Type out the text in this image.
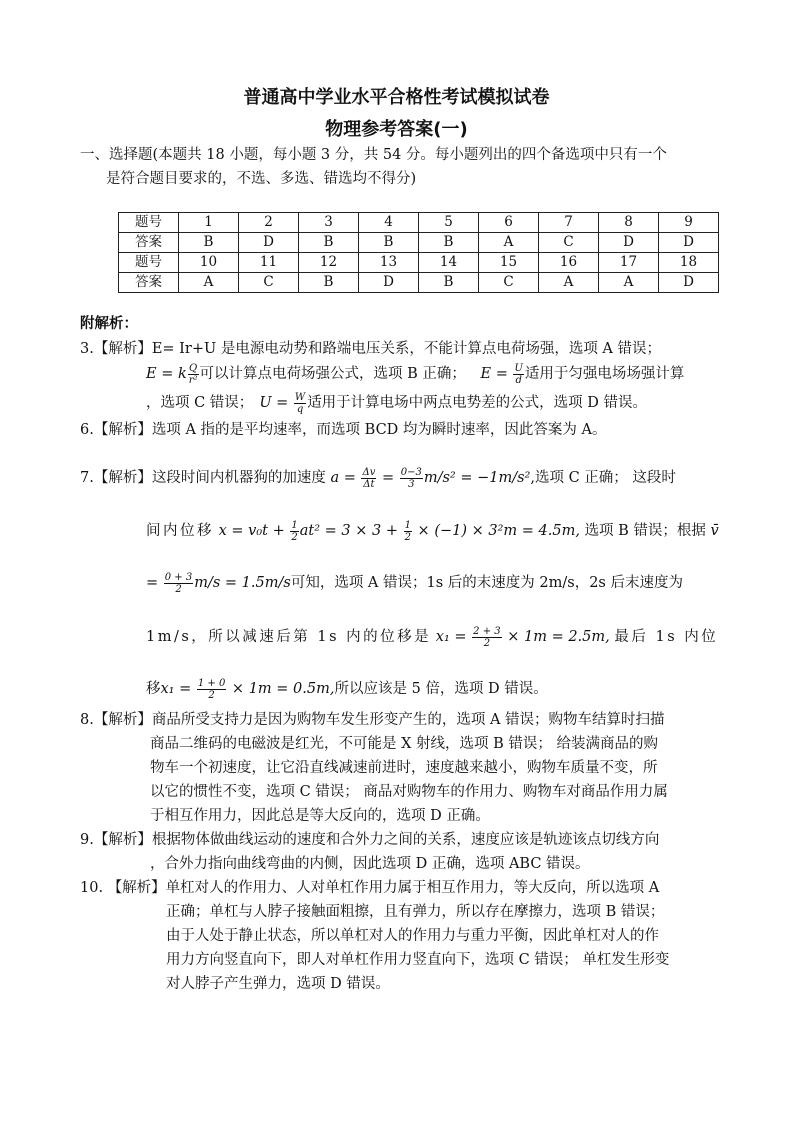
普通高中学业水平合格性考试模拟试卷
物理参考答案(一)
一、选择题(本题共 18 小题，每小题 3 分，共 54 分。每小题列出的四个备选项中只有一个
是符合题目要求的，不选、多选、错选均不得分)
题号	1	2	3	4	5	6	7	8	9
答案	B	D	B	B	B	A	C	D	D
题号	10	11	12	13	14	15	16	17	18
答案	A	C	B	D	B	C	A	A	D
附解析：
3.【解析】E= Ir+U 是电源电动势和路端电压关系，不能计算点电荷场强，选项 A 错误；
E = k $\frac{Q}{\text{r²}}$ 可以计算点电荷场强公式，选项 B 正确； $E = \frac{U}{d}$ 适用于匀强电场场强计算
，选项 C 错误； $U = \frac{W}{q}$ 适用于计算电场中两点电势差的公式，选项 D 错误。
6.【解析】选项 A 指的是平均速率，而选项 BCD 均为瞬时速率，因此答案为 A。
7.【解析】这段时间内机器狗的加速度 $a = \frac{\Delta v}{\Delta t} = \frac{0-3}{3} m/s^2 = -1m/s^2$,选项 C 正确； 这段时
间内位移 $x = v_0t + \frac{1}{2} at^2 = 3 \times 3 + \frac{1}{2} \times (-1) \times 3^2m = 4.5m$, 选项 B 错误；根据 v̄
= $\frac{0 + 3}{2} m/s = 1.5m/s$可知，选项 A 错误；1s 后的末速度为 2m/s，2s 后末速度为
1m/s，所以减速后第 1s 内的位移是 $x_1 = \frac{2 + 3}{2} \times 1m = 2.5m$, 最后 1s 内位
移$x_1 = \frac{1 + 0}{2} \times 1m = 0.5m$,所以应该是 5 倍，选项 D 错误。
8.【解析】商品所受支持力是因为购物车发生形变产生的，选项 A 错误；购物车结算时扫描
商品二维码的电磁波是红光，不可能是 X 射线，选项 B 错误； 给装满商品的购
物车一个初速度，让它沿直线减速前进时，速度越来越小，购物车质量不变，所
以它的惯性不变，选项 C 错误； 商品对购物车的作用力、购物车对商品作用力属
于相互作用力，因此总是等大反向的，选项 D 正确。
9.【解析】根据物体做曲线运动的速度和合外力之间的关系，速度应该是轨迹该点切线方向
，合外力指向曲线弯曲的内侧，因此选项 D 正确，选项 ABC 错误。
10. 【解析】单杠对人的作用力、人对单杠作用力属于相互作用力，等大反向，所以选项 A
正确；单杠与人脖子接触面粗擦，且有弹力，所以存在摩擦力，选项 B 错误；
由于人处于静止状态，所以单杠对人的作用力与重力平衡，因此单杠对人的作
用力方向竖直向下，即人对单杠作用力竖直向下，选项 C 错误； 单杠发生形变
对人脖子产生弹力，选项 D 错误。
